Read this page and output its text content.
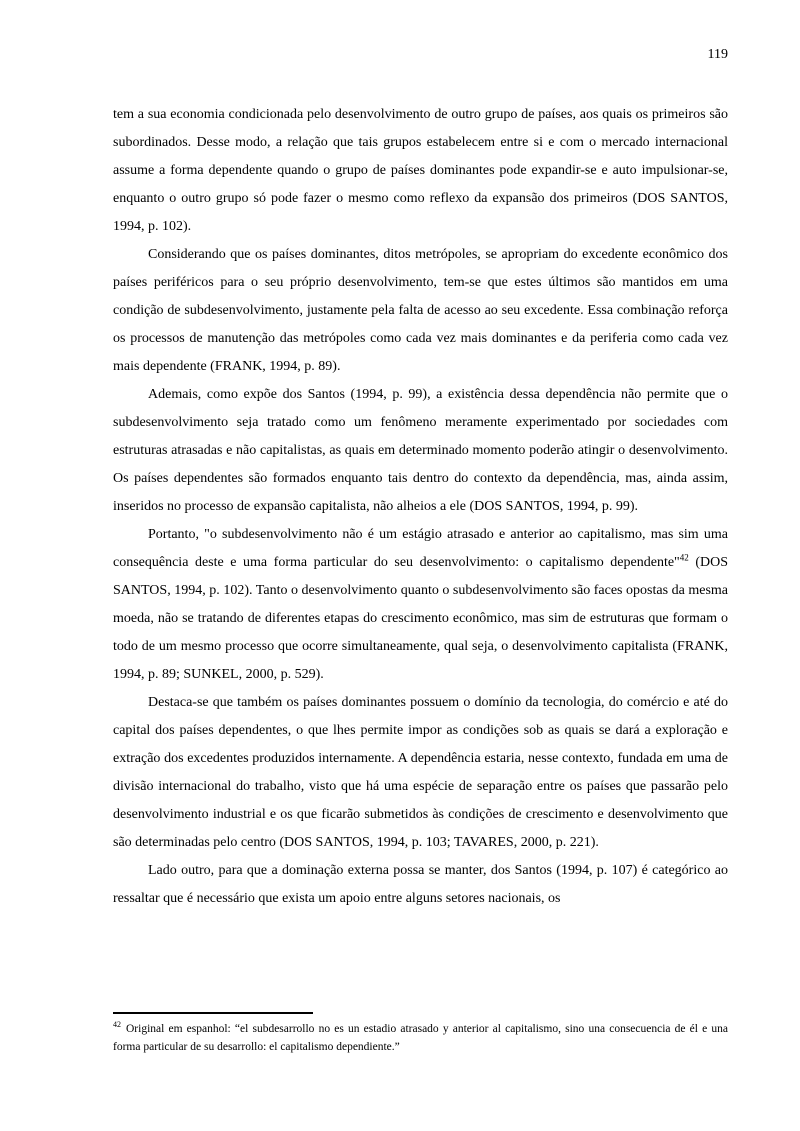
119

tem a sua economia condicionada pelo desenvolvimento de outro grupo de países, aos quais os primeiros são subordinados. Desse modo, a relação que tais grupos estabelecem entre si e com o mercado internacional assume a forma dependente quando o grupo de países dominantes pode expandir-se e auto impulsionar-se, enquanto o outro grupo só pode fazer o mesmo como reflexo da expansão dos primeiros (DOS SANTOS, 1994, p. 102).

Considerando que os países dominantes, ditos metrópoles, se apropriam do excedente econômico dos países periféricos para o seu próprio desenvolvimento, tem-se que estes últimos são mantidos em uma condição de subdesenvolvimento, justamente pela falta de acesso ao seu excedente. Essa combinação reforça os processos de manutenção das metrópoles como cada vez mais dominantes e da periferia como cada vez mais dependente (FRANK, 1994, p. 89).

Ademais, como expõe dos Santos (1994, p. 99), a existência dessa dependência não permite que o subdesenvolvimento seja tratado como um fenômeno meramente experimentado por sociedades com estruturas atrasadas e não capitalistas, as quais em determinado momento poderão atingir o desenvolvimento. Os países dependentes são formados enquanto tais dentro do contexto da dependência, mas, ainda assim, inseridos no processo de expansão capitalista, não alheios a ele (DOS SANTOS, 1994, p. 99).

Portanto, "o subdesenvolvimento não é um estágio atrasado e anterior ao capitalismo, mas sim uma consequência deste e uma forma particular do seu desenvolvimento: o capitalismo dependente"$^{42}$ (DOS SANTOS, 1994, p. 102). Tanto o desenvolvimento quanto o subdesenvolvimento são faces opostas da mesma moeda, não se tratando de diferentes etapas do crescimento econômico, mas sim de estruturas que formam o todo de um mesmo processo que ocorre simultaneamente, qual seja, o desenvolvimento capitalista (FRANK, 1994, p. 89; SUNKEL, 2000, p. 529).

Destaca-se que também os países dominantes possuem o domínio da tecnologia, do comércio e até do capital dos países dependentes, o que lhes permite impor as condições sob as quais se dará a exploração e extração dos excedentes produzidos internamente. A dependência estaria, nesse contexto, fundada em uma de divisão internacional do trabalho, visto que há uma espécie de separação entre os países que passarão pelo desenvolvimento industrial e os que ficarão submetidos às condições de crescimento e desenvolvimento que são determinadas pelo centro (DOS SANTOS, 1994, p. 103; TAVARES, 2000, p. 221).

Lado outro, para que a dominação externa possa se manter, dos Santos (1994, p. 107) é categórico ao ressaltar que é necessário que exista um apoio entre alguns setores nacionais, os

$^{42}$ Original em espanhol: “el subdesarrollo no es un estadio atrasado y anterior al capitalismo, sino una consecuencia de él e una forma particular de su desarrollo: el capitalismo dependiente.”
